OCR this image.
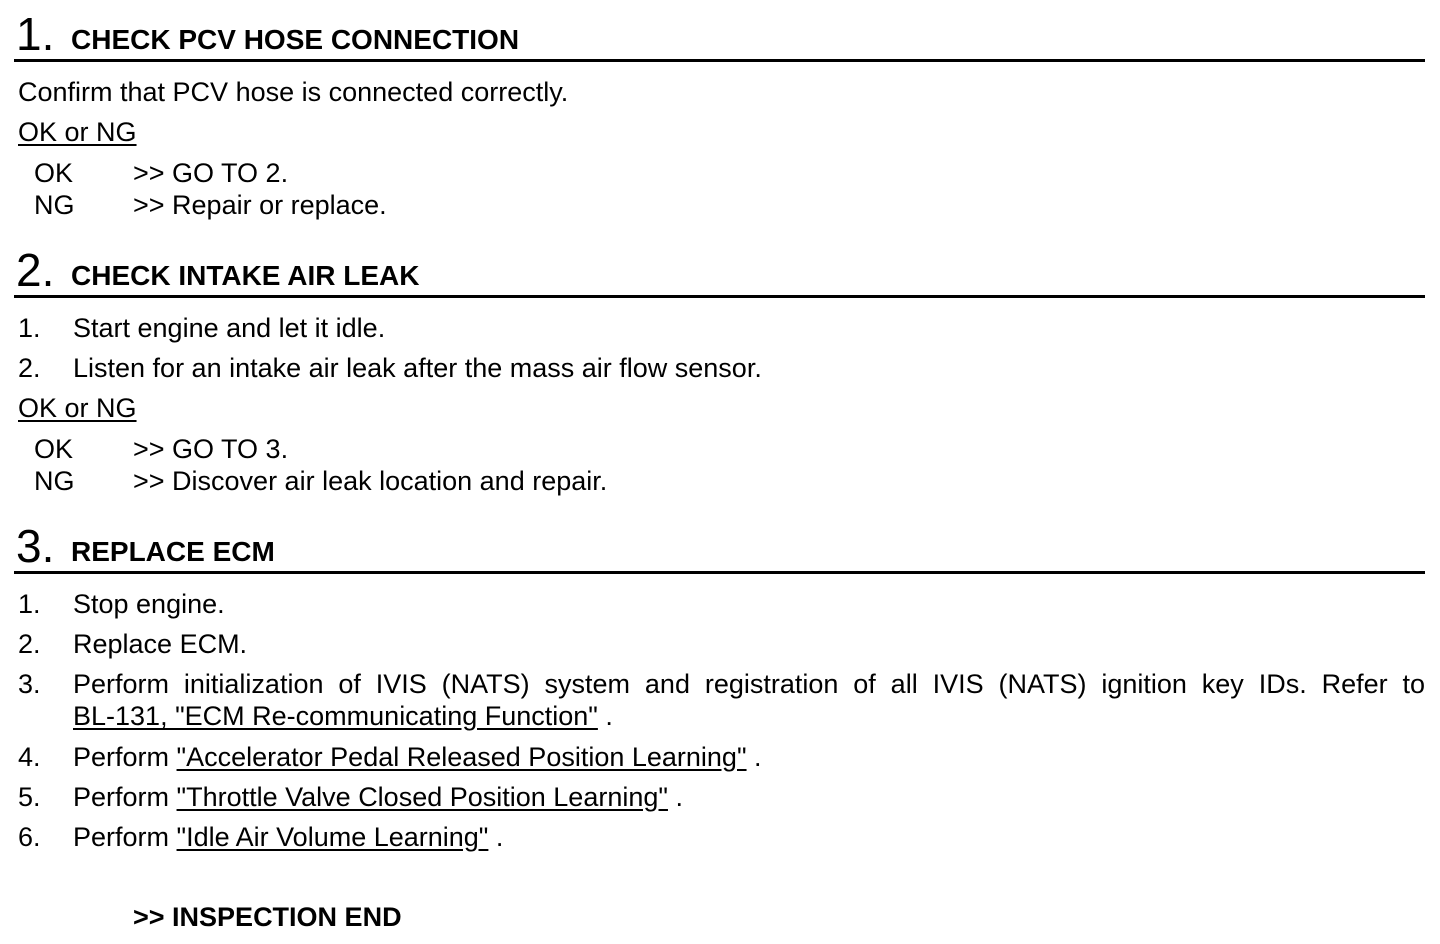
1. CHECK PCV HOSE CONNECTION
Confirm that PCV hose is connected correctly.
OK or NG
OK >> GO TO 2.
NG >> Repair or replace.
2. CHECK INTAKE AIR LEAK
1. Start engine and let it idle.
2. Listen for an intake air leak after the mass air flow sensor.
OK or NG
OK >> GO TO 3.
NG >> Discover air leak location and repair.
3. REPLACE ECM
1. Stop engine.
2. Replace ECM.
3. Perform initialization of IVIS (NATS) system and registration of all IVIS (NATS) ignition key IDs. Refer to
BL-131, "ECM Re-communicating Function" .
4. Perform "Accelerator Pedal Released Position Learning" .
5. Perform "Throttle Valve Closed Position Learning" .
6. Perform "Idle Air Volume Learning" .
>> INSPECTION END
